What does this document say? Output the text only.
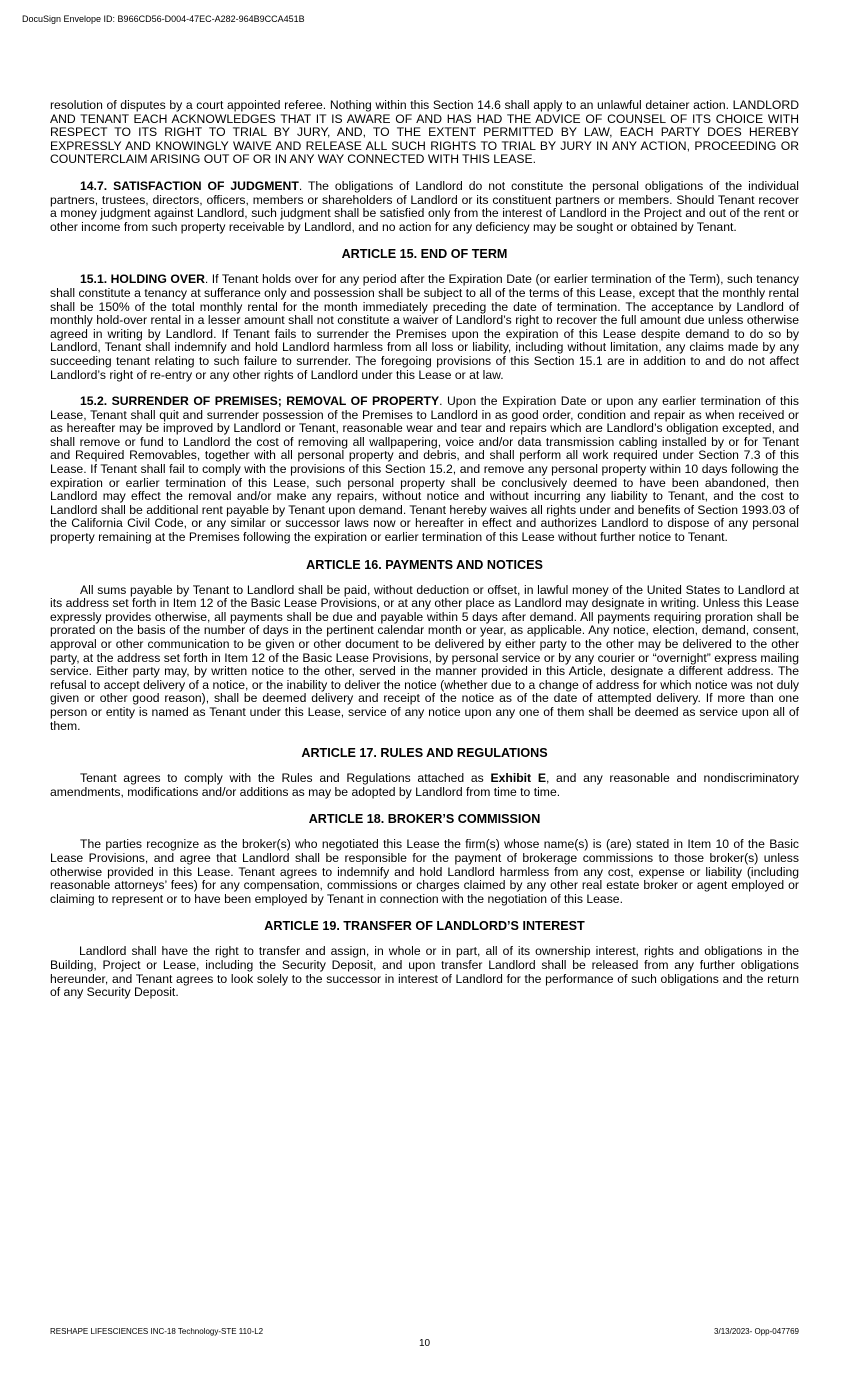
DocuSign Envelope ID: B966CD56-D004-47EC-A282-964B9CCA451B

resolution of disputes by a court appointed referee. Nothing within this Section 14.6 shall apply to an unlawful detainer action. LANDLORD AND TENANT EACH ACKNOWLEDGES THAT IT IS AWARE OF AND HAS HAD THE ADVICE OF COUNSEL OF ITS CHOICE WITH RESPECT TO ITS RIGHT TO TRIAL BY JURY, AND, TO THE EXTENT PERMITTED BY LAW, EACH PARTY DOES HEREBY EXPRESSLY AND KNOWINGLY WAIVE AND RELEASE ALL SUCH RIGHTS TO TRIAL BY JURY IN ANY ACTION, PROCEEDING OR COUNTERCLAIM ARISING OUT OF OR IN ANY WAY CONNECTED WITH THIS LEASE.

14.7. SATISFACTION OF JUDGMENT. The obligations of Landlord do not constitute the personal obligations of the individual partners, trustees, directors, officers, members or shareholders of Landlord or its constituent partners or members. Should Tenant recover a money judgment against Landlord, such judgment shall be satisfied only from the interest of Landlord in the Project and out of the rent or other income from such property receivable by Landlord, and no action for any deficiency may be sought or obtained by Tenant.

ARTICLE 15. END OF TERM

15.1. HOLDING OVER. If Tenant holds over for any period after the Expiration Date (or earlier termination of the Term), such tenancy shall constitute a tenancy at sufferance only and possession shall be subject to all of the terms of this Lease, except that the monthly rental shall be 150% of the total monthly rental for the month immediately preceding the date of termination. The acceptance by Landlord of monthly hold-over rental in a lesser amount shall not constitute a waiver of Landlord’s right to recover the full amount due unless otherwise agreed in writing by Landlord. If Tenant fails to surrender the Premises upon the expiration of this Lease despite demand to do so by Landlord, Tenant shall indemnify and hold Landlord harmless from all loss or liability, including without limitation, any claims made by any succeeding tenant relating to such failure to surrender. The foregoing provisions of this Section 15.1 are in addition to and do not affect Landlord’s right of re-entry or any other rights of Landlord under this Lease or at law.

15.2. SURRENDER OF PREMISES; REMOVAL OF PROPERTY. Upon the Expiration Date or upon any earlier termination of this Lease, Tenant shall quit and surrender possession of the Premises to Landlord in as good order, condition and repair as when received or as hereafter may be improved by Landlord or Tenant, reasonable wear and tear and repairs which are Landlord’s obligation excepted, and shall remove or fund to Landlord the cost of removing all wallpapering, voice and/or data transmission cabling installed by or for Tenant and Required Removables, together with all personal property and debris, and shall perform all work required under Section 7.3 of this Lease. If Tenant shall fail to comply with the provisions of this Section 15.2, and remove any personal property within 10 days following the expiration or earlier termination of this Lease, such personal property shall be conclusively deemed to have been abandoned, then Landlord may effect the removal and/or make any repairs, without notice and without incurring any liability to Tenant, and the cost to Landlord shall be additional rent payable by Tenant upon demand. Tenant hereby waives all rights under and benefits of Section 1993.03 of the California Civil Code, or any similar or successor laws now or hereafter in effect and authorizes Landlord to dispose of any personal property remaining at the Premises following the expiration or earlier termination of this Lease without further notice to Tenant.

ARTICLE 16. PAYMENTS AND NOTICES

All sums payable by Tenant to Landlord shall be paid, without deduction or offset, in lawful money of the United States to Landlord at its address set forth in Item 12 of the Basic Lease Provisions, or at any other place as Landlord may designate in writing. Unless this Lease expressly provides otherwise, all payments shall be due and payable within 5 days after demand. All payments requiring proration shall be prorated on the basis of the number of days in the pertinent calendar month or year, as applicable. Any notice, election, demand, consent, approval or other communication to be given or other document to be delivered by either party to the other may be delivered to the other party, at the address set forth in Item 12 of the Basic Lease Provisions, by personal service or by any courier or “overnight” express mailing service. Either party may, by written notice to the other, served in the manner provided in this Article, designate a different address. The refusal to accept delivery of a notice, or the inability to deliver the notice (whether due to a change of address for which notice was not duly given or other good reason), shall be deemed delivery and receipt of the notice as of the date of attempted delivery. If more than one person or entity is named as Tenant under this Lease, service of any notice upon any one of them shall be deemed as service upon all of them.

ARTICLE 17. RULES AND REGULATIONS

Tenant agrees to comply with the Rules and Regulations attached as Exhibit E, and any reasonable and nondiscriminatory amendments, modifications and/or additions as may be adopted by Landlord from time to time.

ARTICLE 18. BROKER’S COMMISSION

The parties recognize as the broker(s) who negotiated this Lease the firm(s) whose name(s) is (are) stated in Item 10 of the Basic Lease Provisions, and agree that Landlord shall be responsible for the payment of brokerage commissions to those broker(s) unless otherwise provided in this Lease. Tenant agrees to indemnify and hold Landlord harmless from any cost, expense or liability (including reasonable attorneys’ fees) for any compensation, commissions or charges claimed by any other real estate broker or agent employed or claiming to represent or to have been employed by Tenant in connection with the negotiation of this Lease.

ARTICLE 19. TRANSFER OF LANDLORD’S INTEREST

Landlord shall have the right to transfer and assign, in whole or in part, all of its ownership interest, rights and obligations in the Building, Project or Lease, including the Security Deposit, and upon transfer Landlord shall be released from any further obligations hereunder, and Tenant agrees to look solely to the successor in interest of Landlord for the performance of such obligations and the return of any Security Deposit.

RESHAPE LIFESCIENCES INC-18 Technology-STE 110-L2	3/13/2023- Opp-047769
10
